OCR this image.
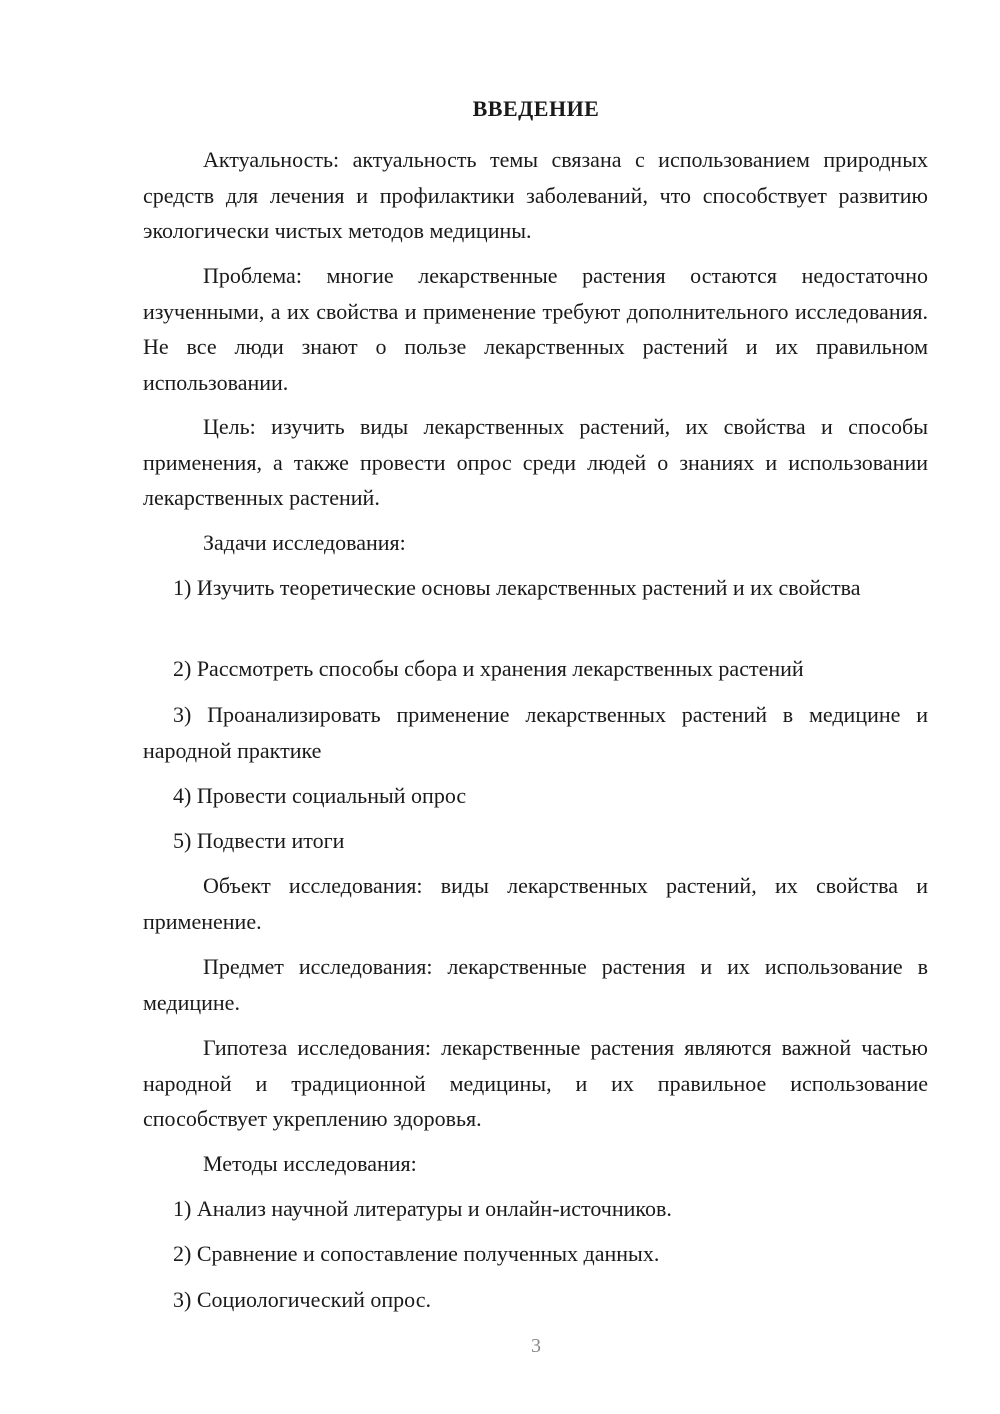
ВВЕДЕНИЕ

Актуальность: актуальность темы связана с использованием природных средств для лечения и профилактики заболеваний, что способствует развитию экологически чистых методов медицины.

Проблема: многие лекарственные растения остаются недостаточно изученными, а их свойства и применение требуют дополнительного исследования. Не все люди знают о пользе лекарственных растений и их правильном использовании.

Цель: изучить виды лекарственных растений, их свойства и способы применения, а также провести опрос среди людей о знаниях и использовании лекарственных растений.

Задачи исследования:

1) Изучить теоретические основы лекарственных растений и их свойства

2) Рассмотреть способы сбора и хранения лекарственных растений

3) Проанализировать применение лекарственных растений в медицине и народной практике

4) Провести социальный опрос

5) Подвести итоги

Объект исследования: виды лекарственных растений, их свойства и применение.

Предмет исследования: лекарственные растения и их использование в медицине.

Гипотеза исследования: лекарственные растения являются важной частью народной и традиционной медицины, и их правильное использование способствует укреплению здоровья.

Методы исследования:

1) Анализ научной литературы и онлайн-источников.

2) Сравнение и сопоставление полученных данных.

3) Социологический опрос.

3
